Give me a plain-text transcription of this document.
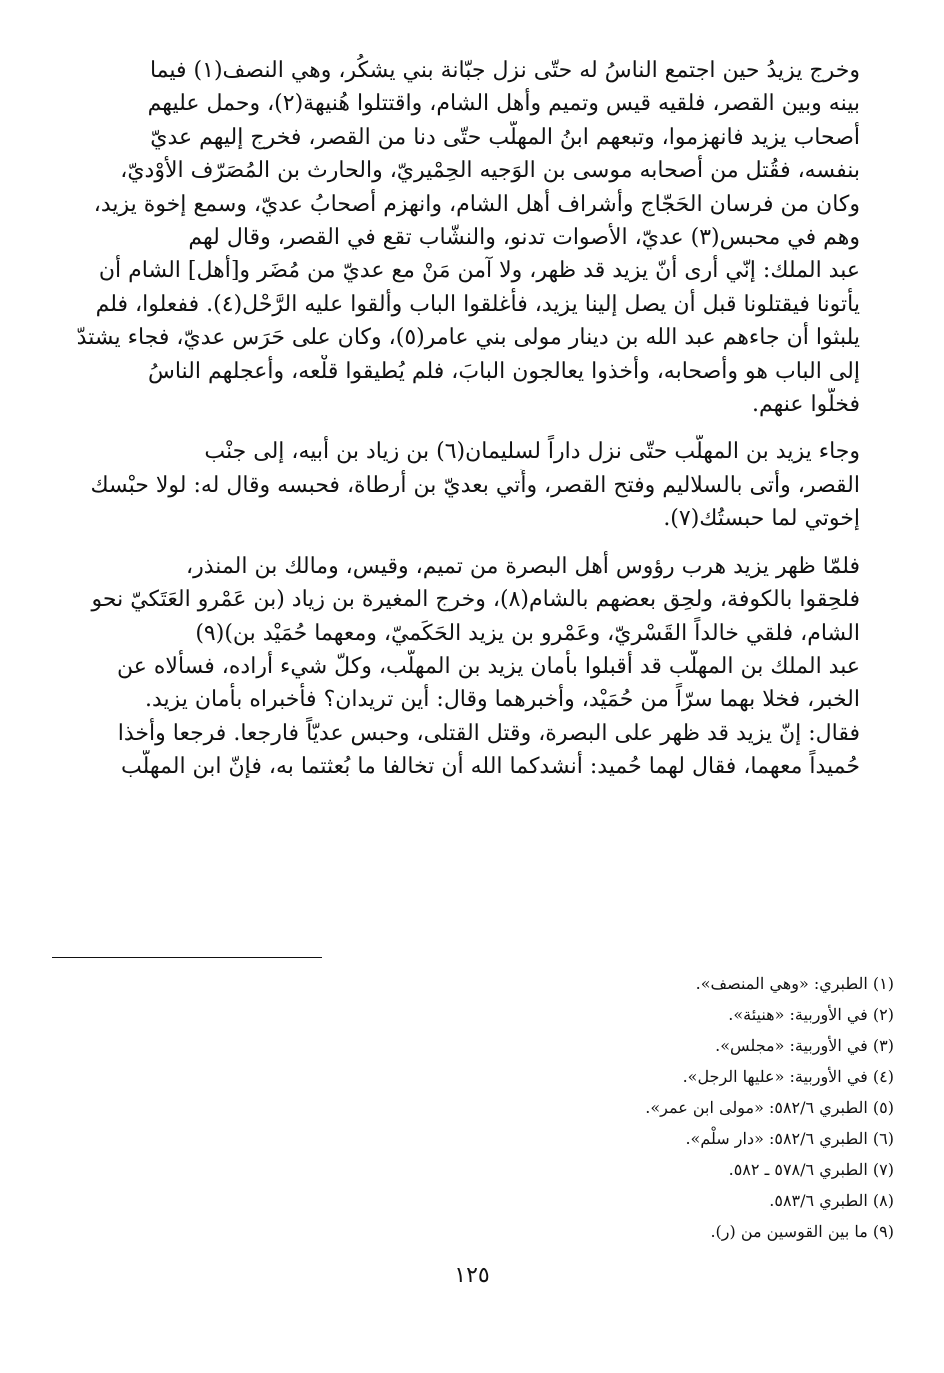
وخرج يزيدُ حين اجتمع الناسُ له حتّى نزل جبّانة بني يشكُر، وهي النصف(١) فيما
بينه وبين القصر، فلقيه قيس وتميم وأهل الشام، واقتتلوا هُنيهة(٢)، وحمل عليهم
أصحاب يزيد فانهزموا، وتبعهم ابنُ المهلّب حتّى دنا من القصر، فخرج إليهم عديّ
بنفسه، فقُتل من أصحابه موسى بن الوَجيه الحِمْيريّ، والحارث بن المُصَرّف الأوْديّ،
وكان من فرسان الحَجّاج وأشراف أهل الشام، وانهزم أصحابُ عديّ، وسمع إخوة يزيد،
وهم في محبس(٣) عديّ، الأصوات تدنو، والنشّاب تقع في القصر، وقال لهم
عبد الملك: إنّي أرى أنّ يزيد قد ظهر، ولا آمن مَنْ مع عديّ من مُضَر و[أهل] الشام أن
يأتونا فيقتلونا قبل أن يصل إلينا يزيد، فأغلقوا الباب وألقوا عليه الرَّحْل(٤). ففعلوا، فلم
يلبثوا أن جاءهم عبد الله بن دينار مولى بني عامر(٥)، وكان على حَرَس عديّ، فجاء يشتدّ
إلى الباب هو وأصحابه، وأخذوا يعالجون البابَ، فلم يُطيقوا قلْعه، وأعجلهم الناسُ
فخلّوا عنهم.
وجاء يزيد بن المهلّب حتّى نزل داراً لسليمان(٦) بن زياد بن أبيه، إلى جنْب
القصر، وأتى بالسلاليم وفتح القصر، وأُتي بعديّ بن أرطاة، فحبسه وقال له: لولا حبْسك
إخوتي لما حبستُك(٧).
فلمّا ظهر يزيد هرب رؤوس أهل البصرة من تميم، وقيس، ومالك بن المنذر،
فلحِقوا بالكوفة، ولحِق بعضهم بالشام(٨)، وخرج المغيرة بن زياد (بن عَمْرو العَتَكيّ نحو
الشام، فلقي خالداً القَسْريّ، وعَمْرو بن يزيد الحَكَميّ، ومعهما حُمَيْد بن)(٩)
عبد الملك بن المهلّب قد أقبلوا بأمان يزيد بن المهلّب، وكلّ شيء أراده، فسألاه عن
الخبر، فخلا بهما سرّاً من حُمَيْد، وأخبرهما وقال: أين تريدان؟ فأخبراه بأمان يزيد.
فقال: إنّ يزيد قد ظهر على البصرة، وقتل القتلى، وحبس عديّاً فارجعا. فرجعا وأخذا
حُميداً معهما، فقال لهما حُميد: أنشدكما الله أن تخالفا ما بُعثتما به، فإنّ ابن المهلّب
(١) الطبري: «وهي المنصف».
(٢) في الأوربية: «هنيئة».
(٣) في الأوربية: «مجلس».
(٤) في الأوربية: «عليها الرجل».
(٥) الطبري ٥٨٢/٦: «مولى ابن عمر».
(٦) الطبري ٥٨٢/٦: «دار سلْم».
(٧) الطبري ٥٧٨/٦ ـ ٥٨٢.
(٨) الطبري ٥٨٣/٦.
(٩) ما بين القوسين من (ر).
١٢٥
